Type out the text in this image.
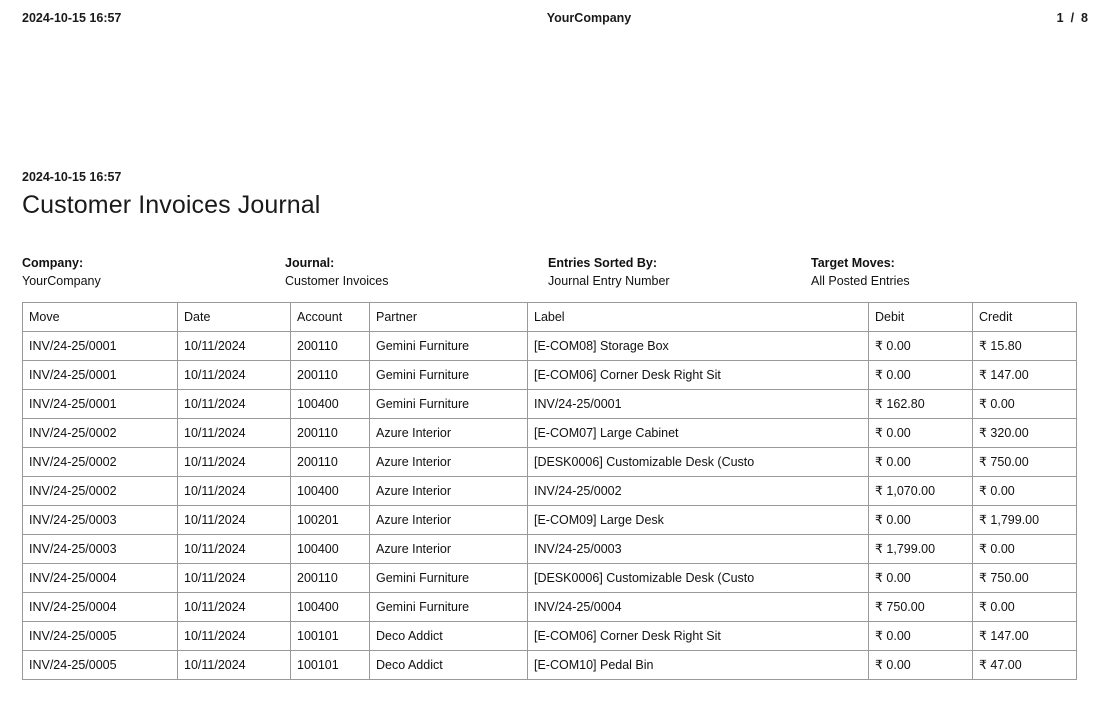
2024-10-15 16:57	YourCompany	1 / 8
2024-10-15 16:57
Customer Invoices Journal
Company:
YourCompany
Journal:
Customer Invoices
Entries Sorted By:
Journal Entry Number
Target Moves:
All Posted Entries
Move	Date	Account	Partner	Label	Debit	Credit
INV/24-25/0001	10/11/2024	200110	Gemini Furniture	[E-COM08] Storage Box	₹ 0.00	₹ 15.80
INV/24-25/0001	10/11/2024	200110	Gemini Furniture	[E-COM06] Corner Desk Right Sit	₹ 0.00	₹ 147.00
INV/24-25/0001	10/11/2024	100400	Gemini Furniture	INV/24-25/0001	₹ 162.80	₹ 0.00
INV/24-25/0002	10/11/2024	200110	Azure Interior	[E-COM07] Large Cabinet	₹ 0.00	₹ 320.00
INV/24-25/0002	10/11/2024	200110	Azure Interior	[DESK0006] Customizable Desk (Custo	₹ 0.00	₹ 750.00
INV/24-25/0002	10/11/2024	100400	Azure Interior	INV/24-25/0002	₹ 1,070.00	₹ 0.00
INV/24-25/0003	10/11/2024	100201	Azure Interior	[E-COM09] Large Desk	₹ 0.00	₹ 1,799.00
INV/24-25/0003	10/11/2024	100400	Azure Interior	INV/24-25/0003	₹ 1,799.00	₹ 0.00
INV/24-25/0004	10/11/2024	200110	Gemini Furniture	[DESK0006] Customizable Desk (Custo	₹ 0.00	₹ 750.00
INV/24-25/0004	10/11/2024	100400	Gemini Furniture	INV/24-25/0004	₹ 750.00	₹ 0.00
INV/24-25/0005	10/11/2024	100101	Deco Addict	[E-COM06] Corner Desk Right Sit	₹ 0.00	₹ 147.00
INV/24-25/0005	10/11/2024	100101	Deco Addict	[E-COM10] Pedal Bin	₹ 0.00	₹ 47.00
